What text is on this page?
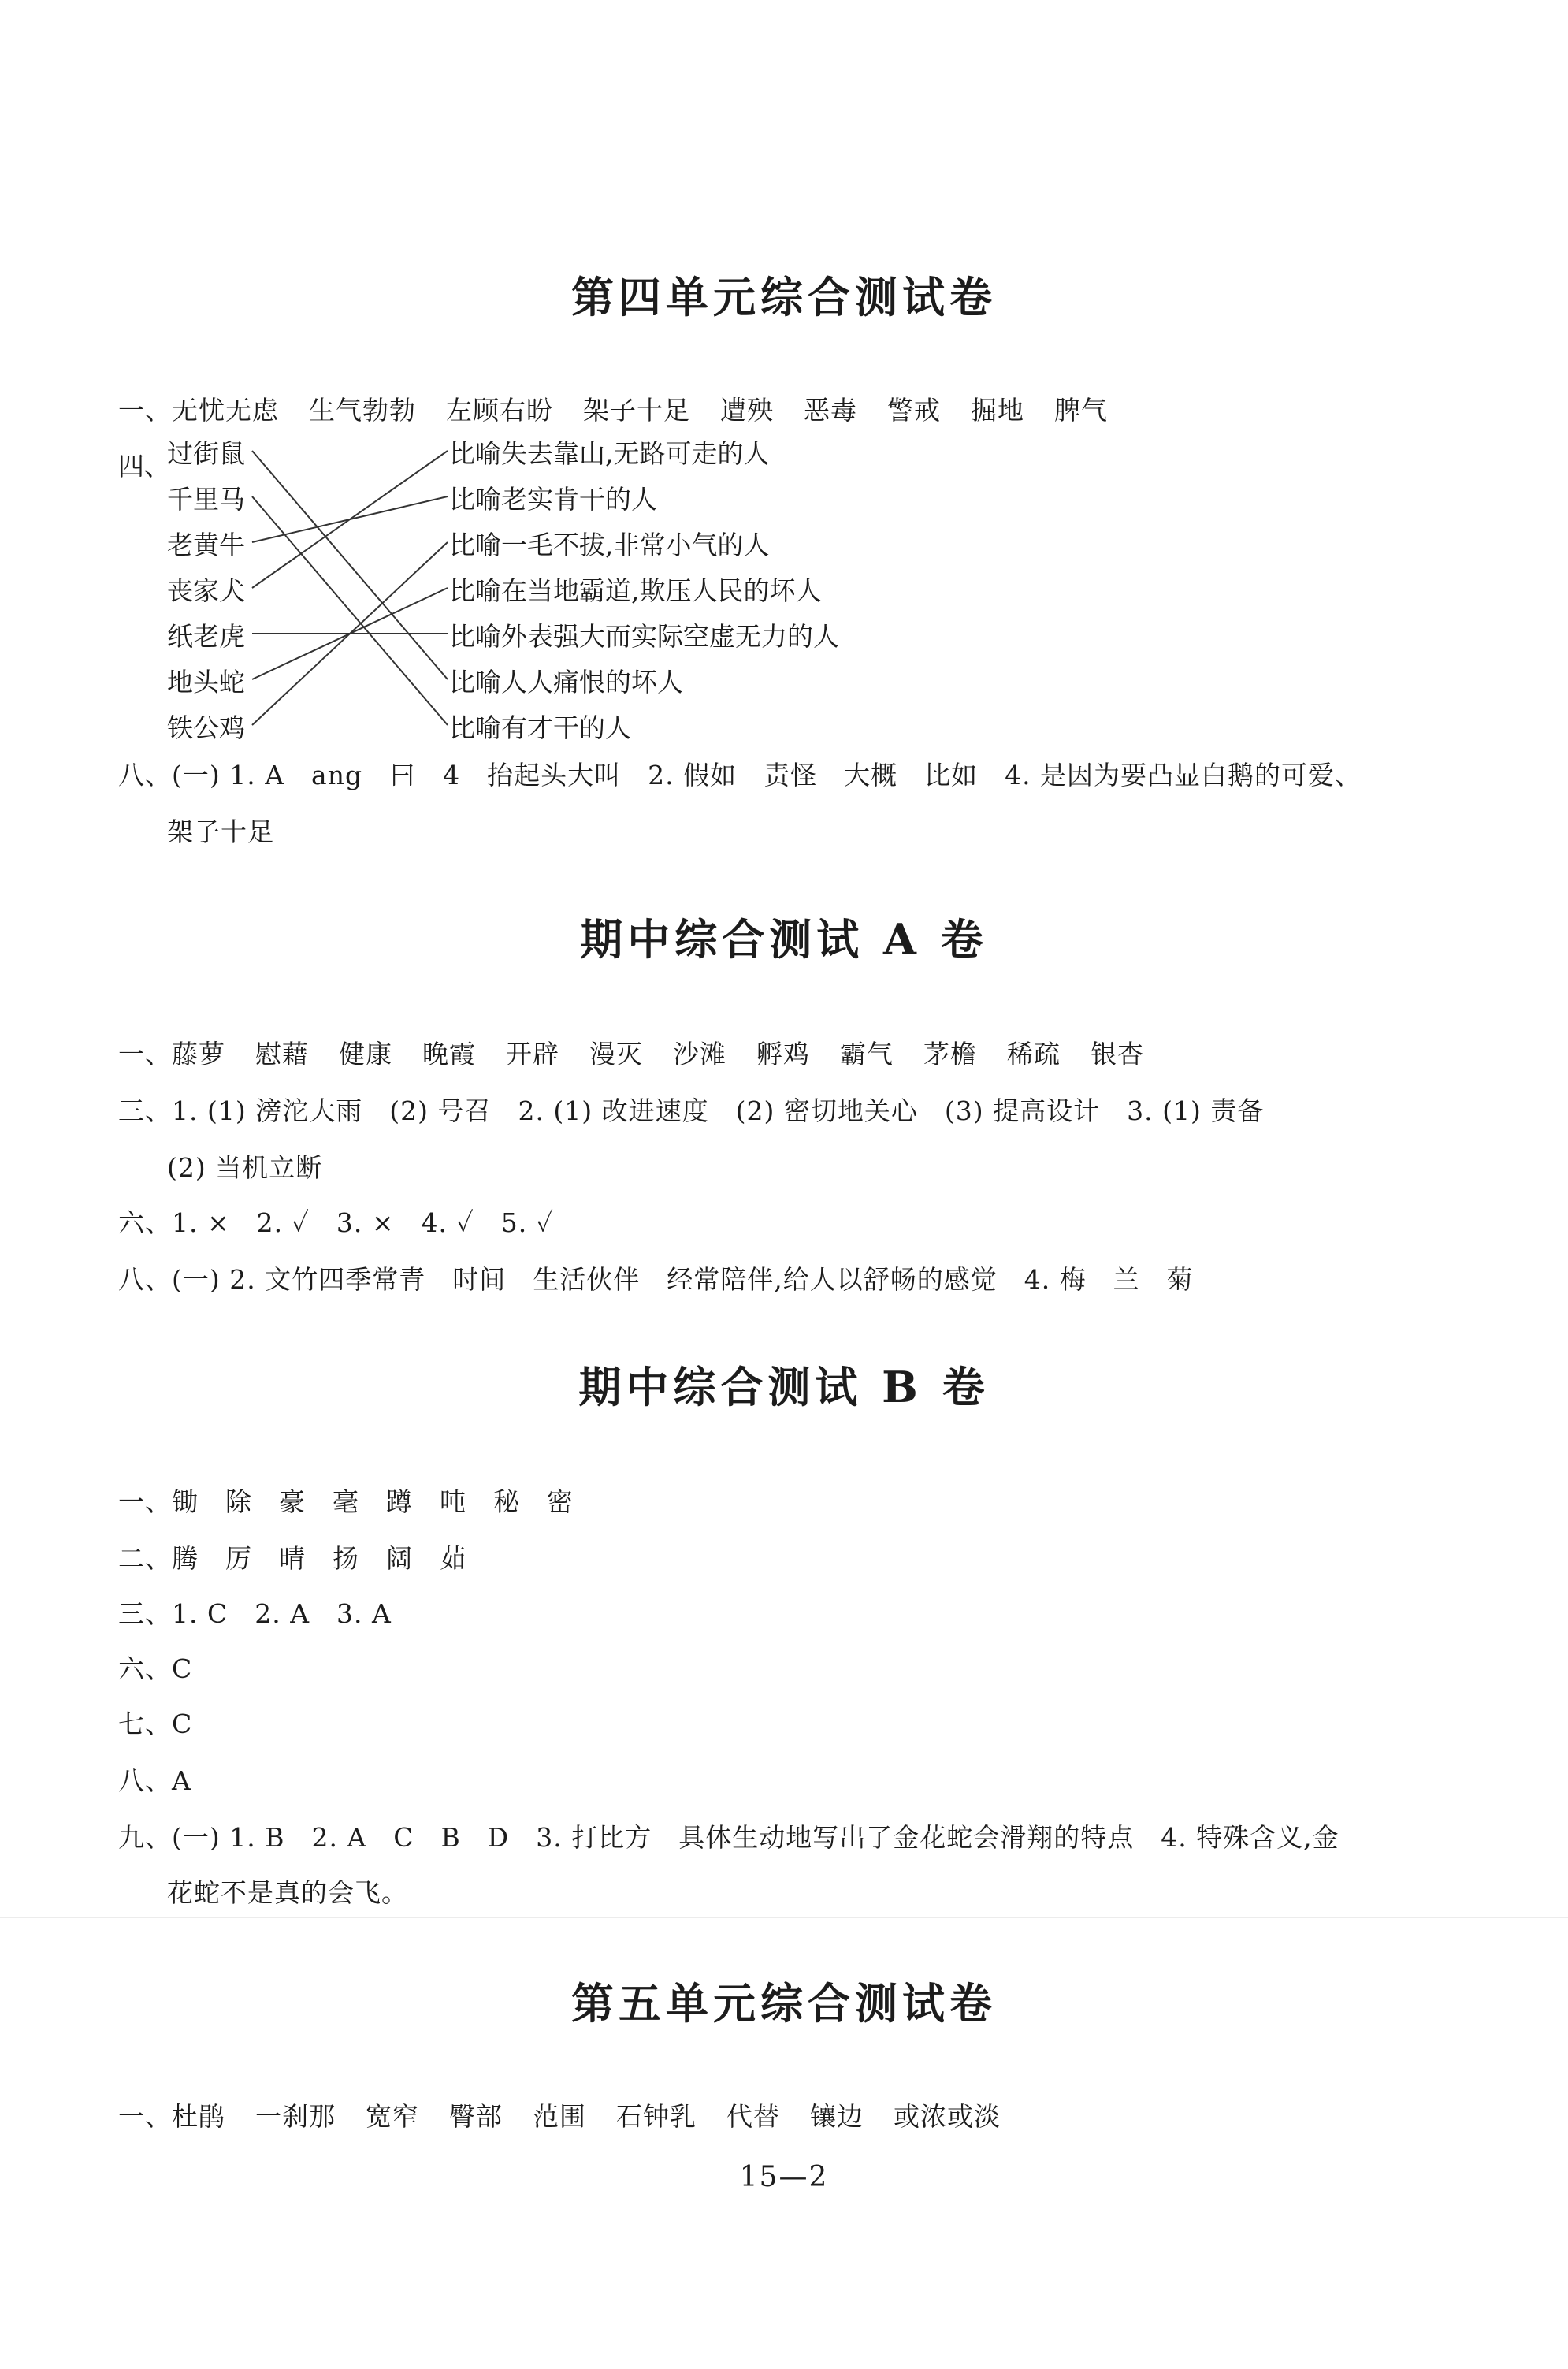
第四单元综合测试卷
一、无忧无虑 生气勃勃 左顾右盼 架子十足 遭殃 恶毒 警戒 掘地 脾气
四、
过街鼠
千里马
老黄牛
丧家犬
纸老虎
地头蛇
铁公鸡
比喻失去靠山,无路可走的人
比喻老实肯干的人
比喻一毛不拔,非常小气的人
比喻在当地霸道,欺压人民的坏人
比喻外表强大而实际空虚无力的人
比喻人人痛恨的坏人
比喻有才干的人
八、(一) 1. A　ang　曰　4　抬起头大叫　2. 假如　责怪　大概　比如　4. 是因为要凸显白鹅的可爱、
架子十足
期中综合测试 A 卷
一、藤萝 慰藉 健康 晚霞 开辟 漫灭 沙滩 孵鸡 霸气 茅檐 稀疏 银杏
三、1. (1) 滂沱大雨　(2) 号召　2. (1) 改进速度　(2) 密切地关心　(3) 提高设计　3. (1) 责备
(2) 当机立断
六、1. ×　2. ✓　3. ×　4. ✓　5. ✓
八、(一) 2. 文竹四季常青　时间　生活伙伴　经常陪伴,给人以舒畅的感觉　4. 梅　兰　菊
期中综合测试 B 卷
一、锄　除　豪　毫　蹲　吨　秘　密
二、腾　厉　晴　扬　阔　茹
三、1. C　2. A　3. A
六、C
七、C
八、A
九、(一) 1. B　2. A　C　B　D　3. 打比方　具体生动地写出了金花蛇会滑翔的特点　4. 特殊含义,金
花蛇不是真的会飞。
第五单元综合测试卷
一、杜鹃 一刹那 宽窄 臀部 范围 石钟乳 代替 镶边 或浓或淡
15—2
